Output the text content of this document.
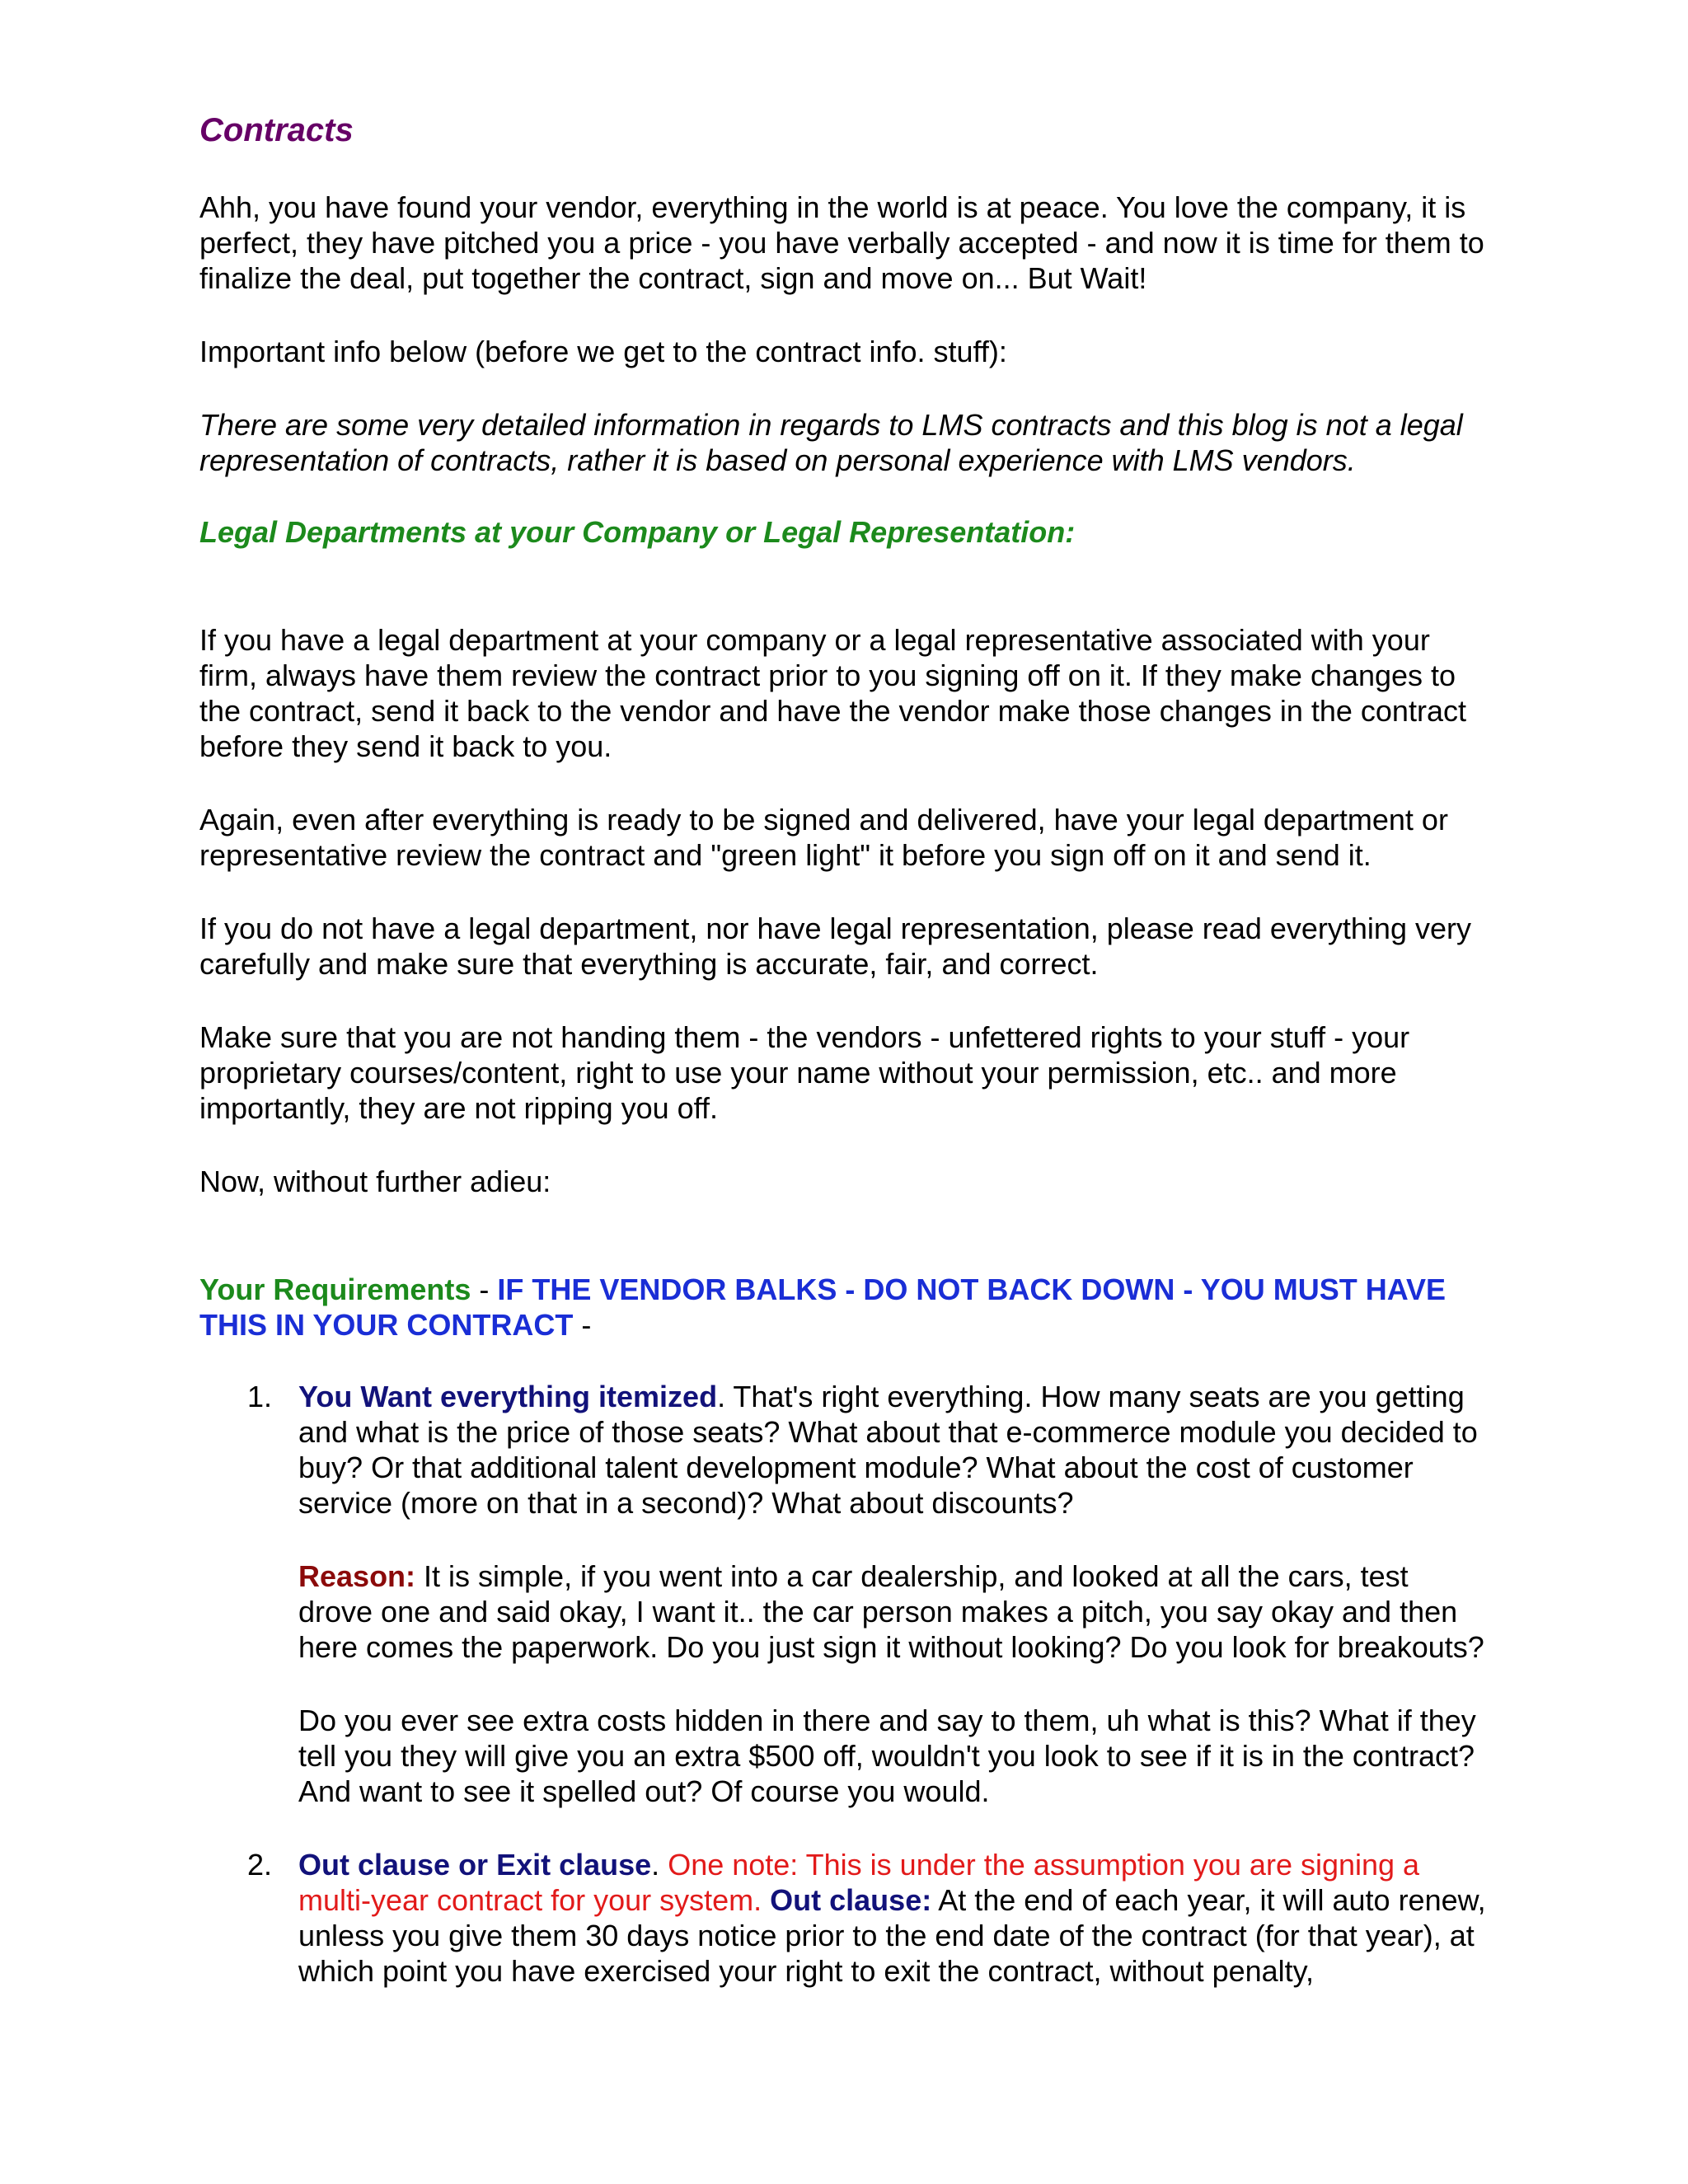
Contracts

Ahh, you have found your vendor, everything in the world is at peace. You love the company, it is perfect, they have pitched you a price - you have verbally accepted - and now it is time for them to finalize the deal, put together the contract, sign and move on... But Wait!

Important info below (before we get to the contract info. stuff):

There are some very detailed information in regards to LMS contracts and this blog is not a legal representation of contracts, rather it is based on personal experience with LMS vendors.

Legal Departments at your Company or Legal Representation:

If you have a legal department at your company or a legal representative associated with your firm, always have them review the contract prior to you signing off on it. If they make changes to the contract, send it back to the vendor and have the vendor make those changes in the contract before they send it back to you.

Again, even after everything is ready to be signed and delivered, have your legal department or representative review the contract and "green light" it before you sign off on it and send it.

If you do not have a legal department, nor have legal representation, please read everything very carefully and make sure that everything is accurate, fair, and correct.

Make sure that you are not handing them - the vendors - unfettered rights to your stuff - your proprietary courses/content, right to use your name without your permission, etc.. and more importantly, they are not ripping you off.

Now, without further adieu:

Your Requirements - IF THE VENDOR BALKS - DO NOT BACK DOWN - YOU MUST HAVE THIS IN YOUR CONTRACT -

1. You Want everything itemized. That's right everything. How many seats are you getting and what is the price of those seats? What about that e-commerce module you decided to buy? Or that additional talent development module? What about the cost of customer service (more on that in a second)? What about discounts?

Reason: It is simple, if you went into a car dealership, and looked at all the cars, test drove one and said okay, I want it.. the car person makes a pitch, you say okay and then here comes the paperwork. Do you just sign it without looking? Do you look for breakouts?

Do you ever see extra costs hidden in there and say to them, uh what is this? What if they tell you they will give you an extra $500 off, wouldn't you look to see if it is in the contract? And want to see it spelled out? Of course you would.

2. Out clause or Exit clause. One note: This is under the assumption you are signing a multi-year contract for your system. Out clause: At the end of each year, it will auto renew, unless you give them 30 days notice prior to the end date of the contract (for that year), at which point you have exercised your right to exit the contract, without penalty,
